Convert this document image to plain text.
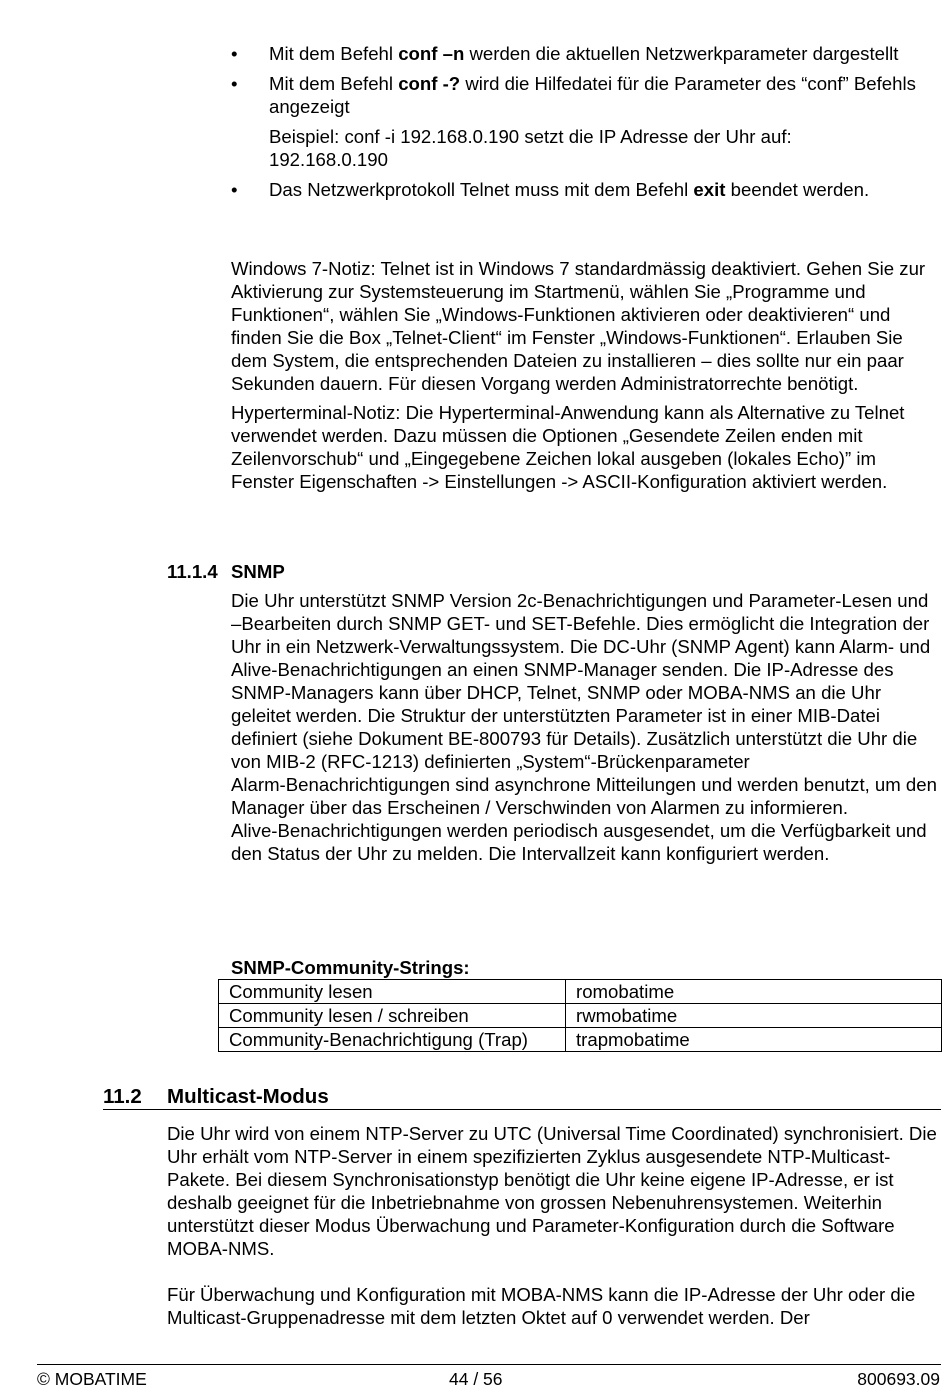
• Mit dem Befehl conf –n werden die aktuellen Netzwerkparameter dargestellt
• Mit dem Befehl conf -? wird die Hilfedatei für die Parameter des “conf” Befehls angezeigt

Beispiel: conf -i 192.168.0.190 setzt die IP Adresse der Uhr auf: 192.168.0.190

• Das Netzwerkprotokoll Telnet muss mit dem Befehl exit beendet werden.

Windows 7-Notiz: Telnet ist in Windows 7 standardmässig deaktiviert. Gehen Sie zur Aktivierung zur Systemsteuerung im Startmenü, wählen Sie „Programme und Funktionen“, wählen Sie „Windows-Funktionen aktivieren oder deaktivieren“ und finden Sie die Box „Telnet-Client“ im Fenster „Windows-Funktionen“. Erlauben Sie dem System, die entsprechenden Dateien zu installieren – dies sollte nur ein paar Sekunden dauern. Für diesen Vorgang werden Administratorrechte benötigt.

Hyperterminal-Notiz: Die Hyperterminal-Anwendung kann als Alternative zu Telnet verwendet werden. Dazu müssen die Optionen „Gesendete Zeilen enden mit Zeilenvorschub“ und „Eingegebene Zeichen lokal ausgeben (lokales Echo)” im Fenster Eigenschaften -> Einstellungen -> ASCII-Konfiguration aktiviert werden.

11.1.4 SNMP

Die Uhr unterstützt SNMP Version 2c-Benachrichtigungen und Parameter-Lesen und –Bearbeiten durch SNMP GET- und SET-Befehle. Dies ermöglicht die Integration der Uhr in ein Netzwerk-Verwaltungssystem. Die DC-Uhr (SNMP Agent) kann Alarm- und Alive-Benachrichtigungen an einen SNMP-Manager senden. Die IP-Adresse des SNMP-Managers kann über DHCP, Telnet, SNMP oder MOBA-NMS an die Uhr geleitet werden. Die Struktur der unterstützten Parameter ist in einer MIB-Datei definiert (siehe Dokument BE-800793 für Details). Zusätzlich unterstützt die Uhr die von MIB-2 (RFC-1213) definierten „System“-Brückenparameter

Alarm-Benachrichtigungen sind asynchrone Mitteilungen und werden benutzt, um den Manager über das Erscheinen / Verschwinden von Alarmen zu informieren.

Alive-Benachrichtigungen werden periodisch ausgesendet, um die Verfügbarkeit und den Status der Uhr zu melden. Die Intervallzeit kann konfiguriert werden.

SNMP-Community-Strings:
Community lesen	romobatime
Community lesen / schreiben	rwmobatime
Community-Benachrichtigung (Trap)	trapmobatime
11.2 Multicast-Modus

Die Uhr wird von einem NTP-Server zu UTC (Universal Time Coordinated) synchronisiert. Die Uhr erhält vom NTP-Server in einem spezifizierten Zyklus ausgesendete NTP-Multicast-Pakete. Bei diesem Synchronisationstyp benötigt die Uhr keine eigene IP-Adresse, er ist deshalb geeignet für die Inbetriebnahme von grossen Nebenuhrensystemen. Weiterhin unterstützt dieser Modus Überwachung und Parameter-Konfiguration durch die Software MOBA-NMS.

Für Überwachung und Konfiguration mit MOBA-NMS kann die IP-Adresse der Uhr oder die Multicast-Gruppenadresse mit dem letzten Oktet auf 0 verwendet werden. Der

© MOBATIME	44 / 56	800693.09
